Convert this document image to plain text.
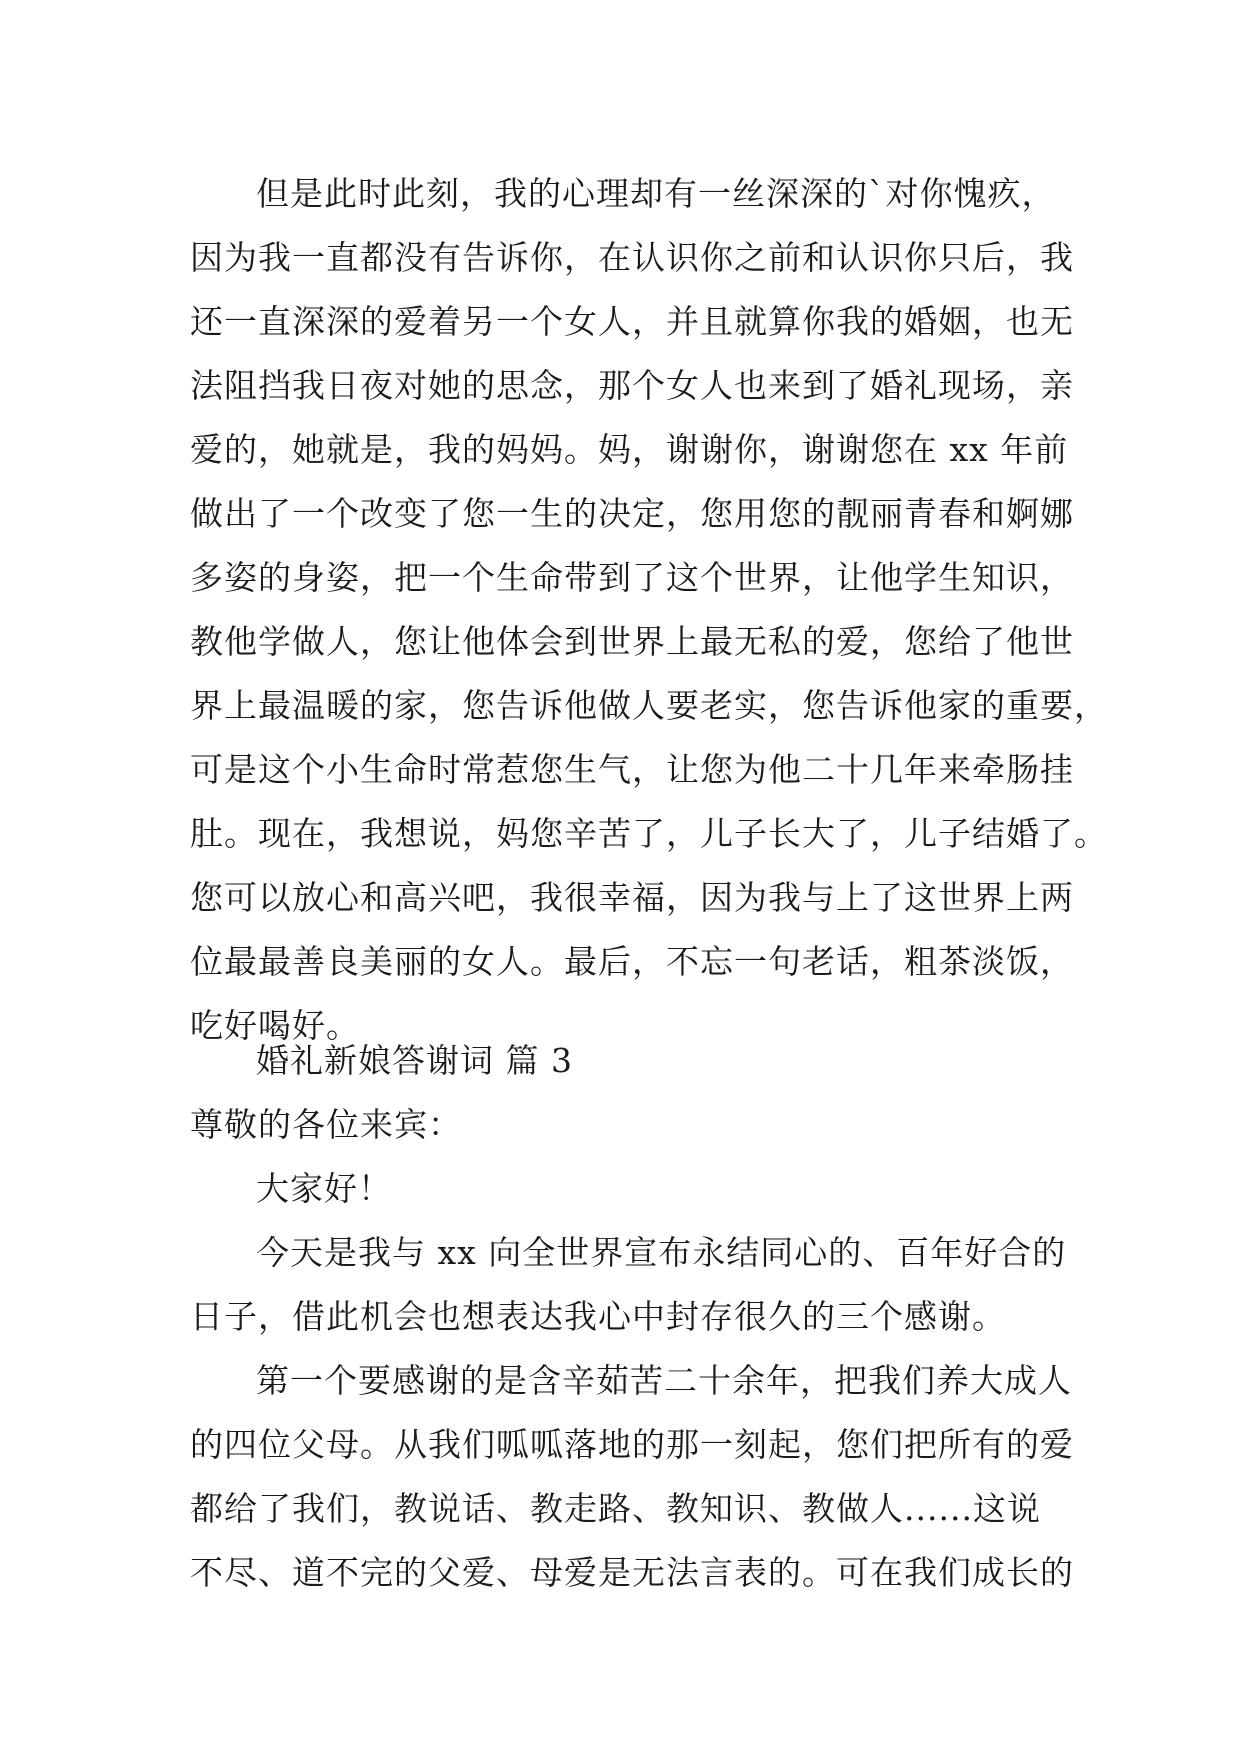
但是此时此刻，我的心理却有一丝深深的`对你愧疚，
因为我一直都没有告诉你，在认识你之前和认识你只后，我
还一直深深的爱着另一个女人，并且就算你我的婚姻，也无
法阻挡我日夜对她的思念，那个女人也来到了婚礼现场，亲
爱的，她就是，我的妈妈。妈，谢谢你，谢谢您在 xx 年前
做出了一个改变了您一生的决定，您用您的靓丽青春和婀娜
多姿的身姿，把一个生命带到了这个世界，让他学生知识，
教他学做人，您让他体会到世界上最无私的爱，您给了他世
界上最温暖的家，您告诉他做人要老实，您告诉他家的重要，
可是这个小生命时常惹您生气，让您为他二十几年来牵肠挂
肚。现在，我想说，妈您辛苦了，儿子长大了，儿子结婚了。
您可以放心和高兴吧，我很幸福，因为我与上了这世界上两
位最最善良美丽的女人。最后，不忘一句老话，粗茶淡饭，
吃好喝好。
婚礼新娘答谢词 篇 3
尊敬的各位来宾：
大家好！
今天是我与 xx 向全世界宣布永结同心的、百年好合的
日子，借此机会也想表达我心中封存很久的三个感谢。
第一个要感谢的是含辛茹苦二十余年，把我们养大成人
的四位父母。从我们呱呱落地的那一刻起，您们把所有的爱
都给了我们，教说话、教走路、教知识、教做人......这说
不尽、道不完的父爱、母爱是无法言表的。可在我们成长的
